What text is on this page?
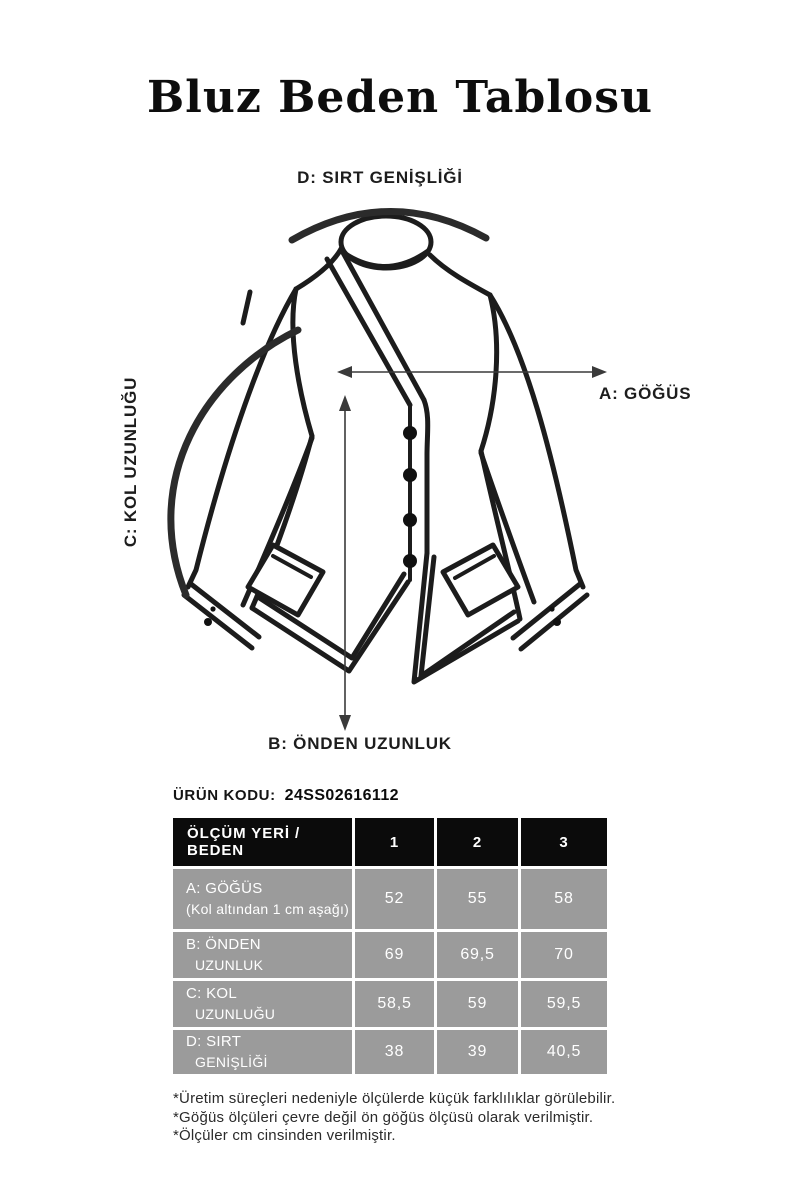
Bluz Beden Tablosu
D: SIRT GENİŞLİĞİ
A: GÖĞÜS
C: KOL UZUNLUĞU
B: ÖNDEN UZUNLUK
ÜRÜN KODU: 24SS02616112
ÖLÇÜM YERİ / BEDEN	1	2	3
A: GÖĞÜS
(Kol altından 1 cm aşağı)
52	55	58
B: ÖNDEN
UZUNLUK
69	69,5	70
C: KOL
UZUNLUĞU
58,5	59	59,5
D: SIRT
GENİŞLİĞİ
38	39	40,5
*Üretim süreçleri nedeniyle ölçülerde küçük farklılıklar görülebilir.
*Göğüs ölçüleri çevre değil ön göğüs ölçüsü olarak verilmiştir.
*Ölçüler cm cinsinden verilmiştir.
